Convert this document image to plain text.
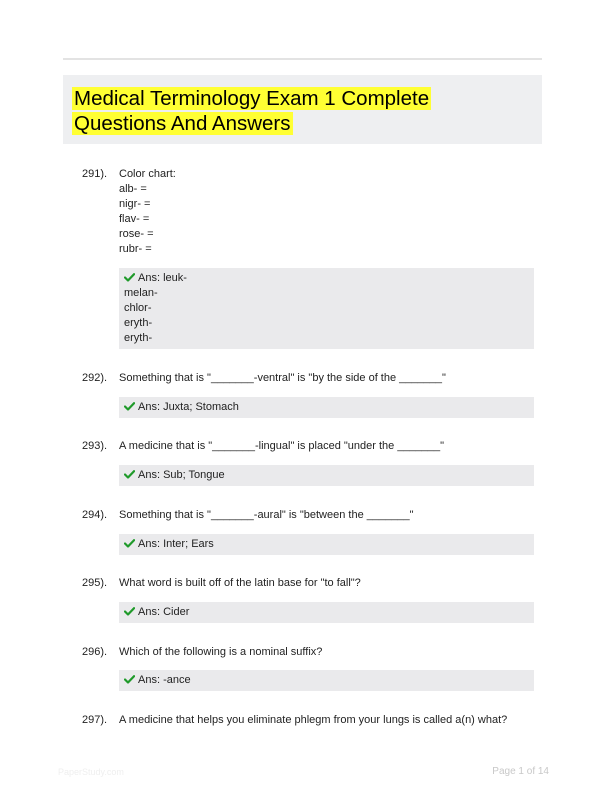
Medical Terminology Exam 1 Complete
Questions And Answers
291). Color chart:
alb- =
nigr- =
flav- =
rose- =
rubr- =
Ans: leuk-
melan-
chlor-
eryth-
eryth-
292). Something that is "_______-ventral" is "by the side of the _______"
Ans: Juxta; Stomach
293). A medicine that is "_______-lingual" is placed "under the _______"
Ans: Sub; Tongue
294). Something that is "_______-aural" is "between the _______"
Ans: Inter; Ears
295). What word is built off of the latin base for "to fall"?
Ans: Cider
296). Which of the following is a nominal suffix?
Ans: -ance
297). A medicine that helps you eliminate phlegm from your lungs is called a(n) what?
PaperStudy.com	Page 1 of 14
